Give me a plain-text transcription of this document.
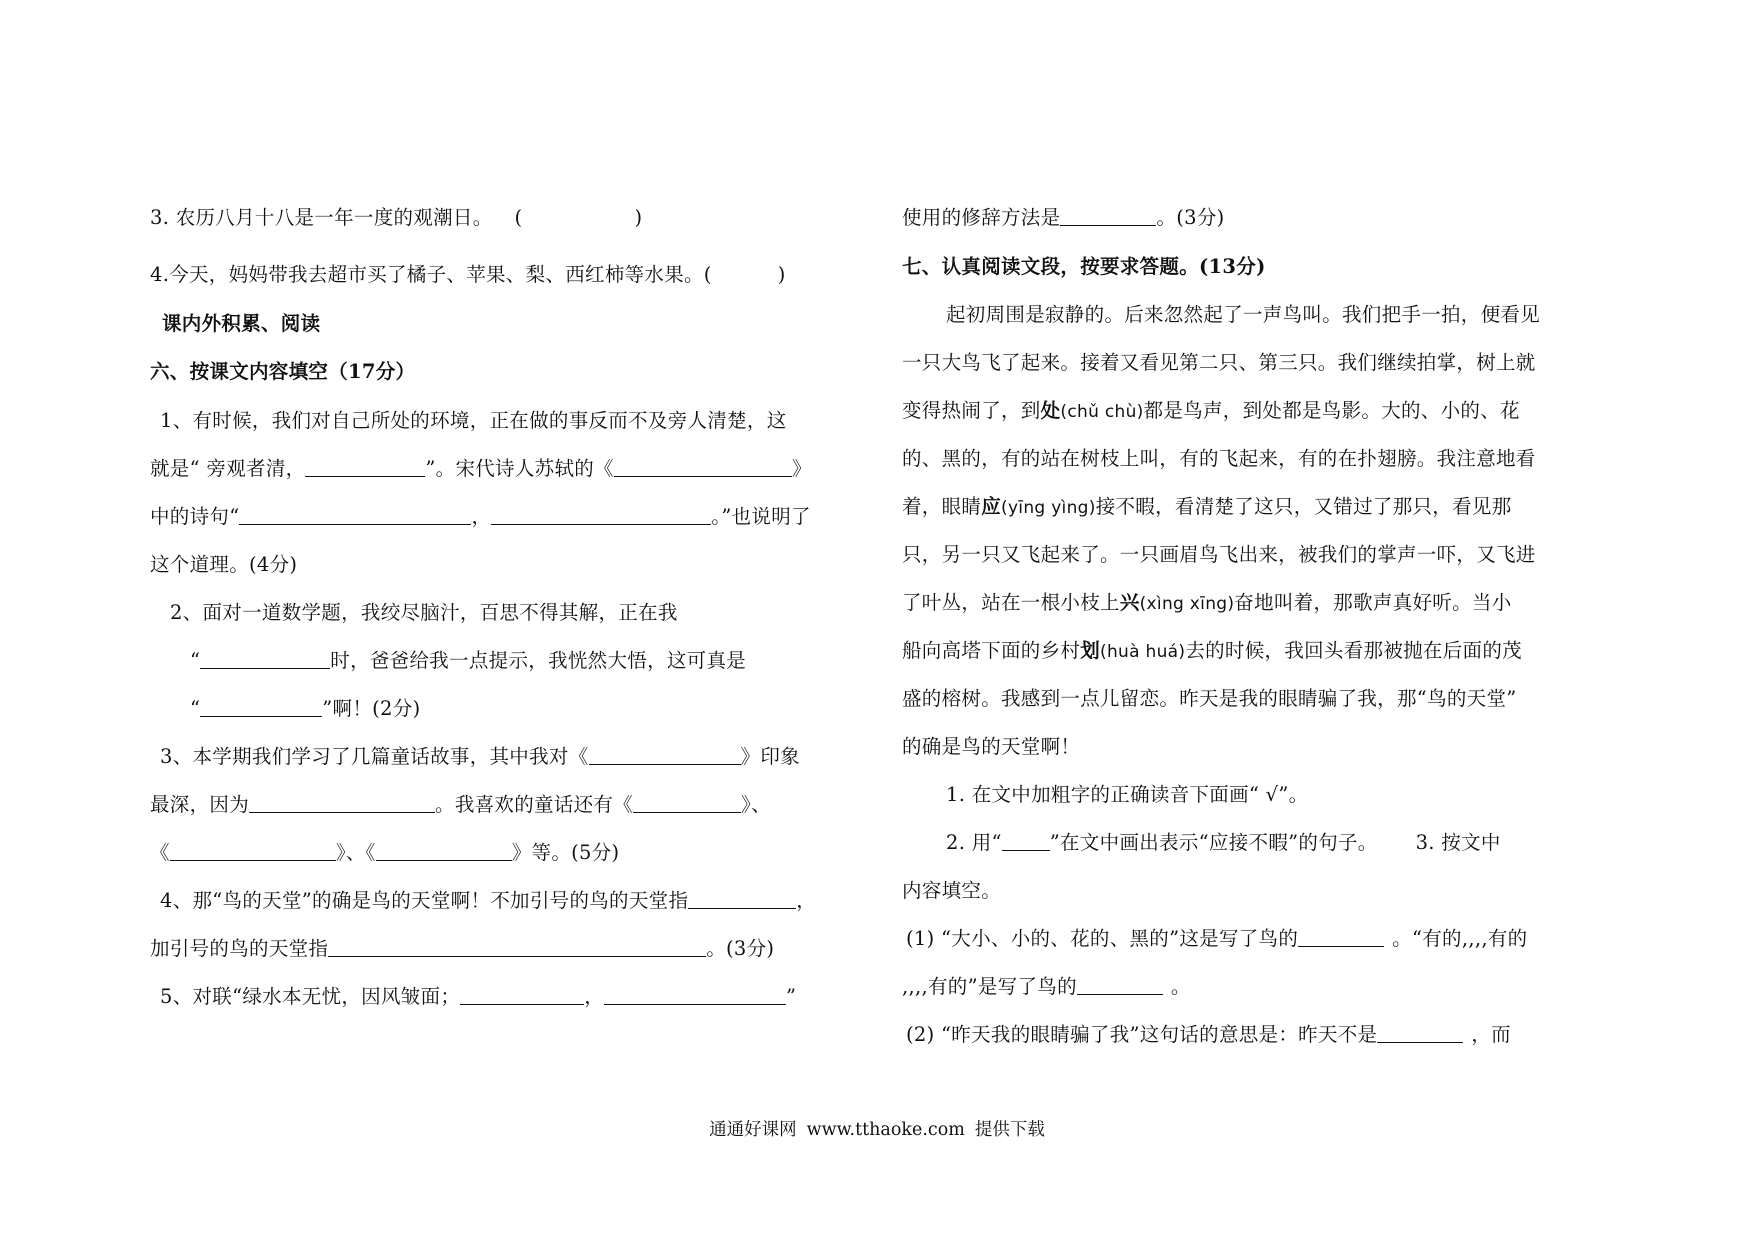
3. 农历八月十八是一年一度的观潮日。 (	)
4.今天，妈妈带我去超市买了橘子、苹果、梨、西红柿等水果。(	)
课内外积累、阅读
六、按课文内容填空（17分）
1、有时候，我们对自己所处的环境，正在做的事反而不及旁人清楚，这
就是“ 旁观者清，	”。宋代诗人苏轼的《	》
中的诗句“	，	。”也说明了
这个道理。(4分)
2、面对一道数学题，我绞尽脑汁，百思不得其解，正在我
“	时，爸爸给我一点提示，我恍然大悟，这可真是
“	”啊！(2分)
3、本学期我们学习了几篇童话故事，其中我对《	》印象
最深，因为	。我喜欢的童话还有《	》、
《	》、《	》等。(5分)
4、那“鸟的天堂”的确是鸟的天堂啊！不加引号的鸟的天堂指	，
加引号的鸟的天堂指	。(3分)
5、对联“绿水本无忧，因风皱面；	，	”
使用的修辞方法是	。(3分)
七、认真阅读文段，按要求答题。(13分)
起初周围是寂静的。后来忽然起了一声鸟叫。我们把手一拍，便看见
一只大鸟飞了起来。接着又看见第二只、第三只。我们继续拍掌，树上就
变得热闹了，到处(chǔ chù)都是鸟声，到处都是鸟影。大的、小的、花
的、黑的，有的站在树枝上叫，有的飞起来，有的在扑翅膀。我注意地看
着，眼睛应(yīng yìng)接不暇，看清楚了这只，又错过了那只，看见那
只，另一只又飞起来了。一只画眉鸟飞出来，被我们的掌声一吓，又飞进
了叶丛，站在一根小枝上兴(xìng xīng)奋地叫着，那歌声真好听。当小
船向高塔下面的乡村划(huà huá)去的时候，我回头看那被抛在后面的茂
盛的榕树。我感到一点儿留恋。昨天是我的眼睛骗了我，那“鸟的天堂”
的确是鸟的天堂啊！
1. 在文中加粗字的正确读音下面画“ √”。
2. 用“ ”在文中画出表示“应接不暇”的句子。 3. 按文中
内容填空。
(1) “大小、小的、花的、黑的”这是写了鸟的	。“有的,,,,有的
,,,,有的”是写了鸟的	。
(2) “昨天我的眼睛骗了我”这句话的意思是：昨天不是	，而
通通好课网 www.tthaoke.com 提供下载
